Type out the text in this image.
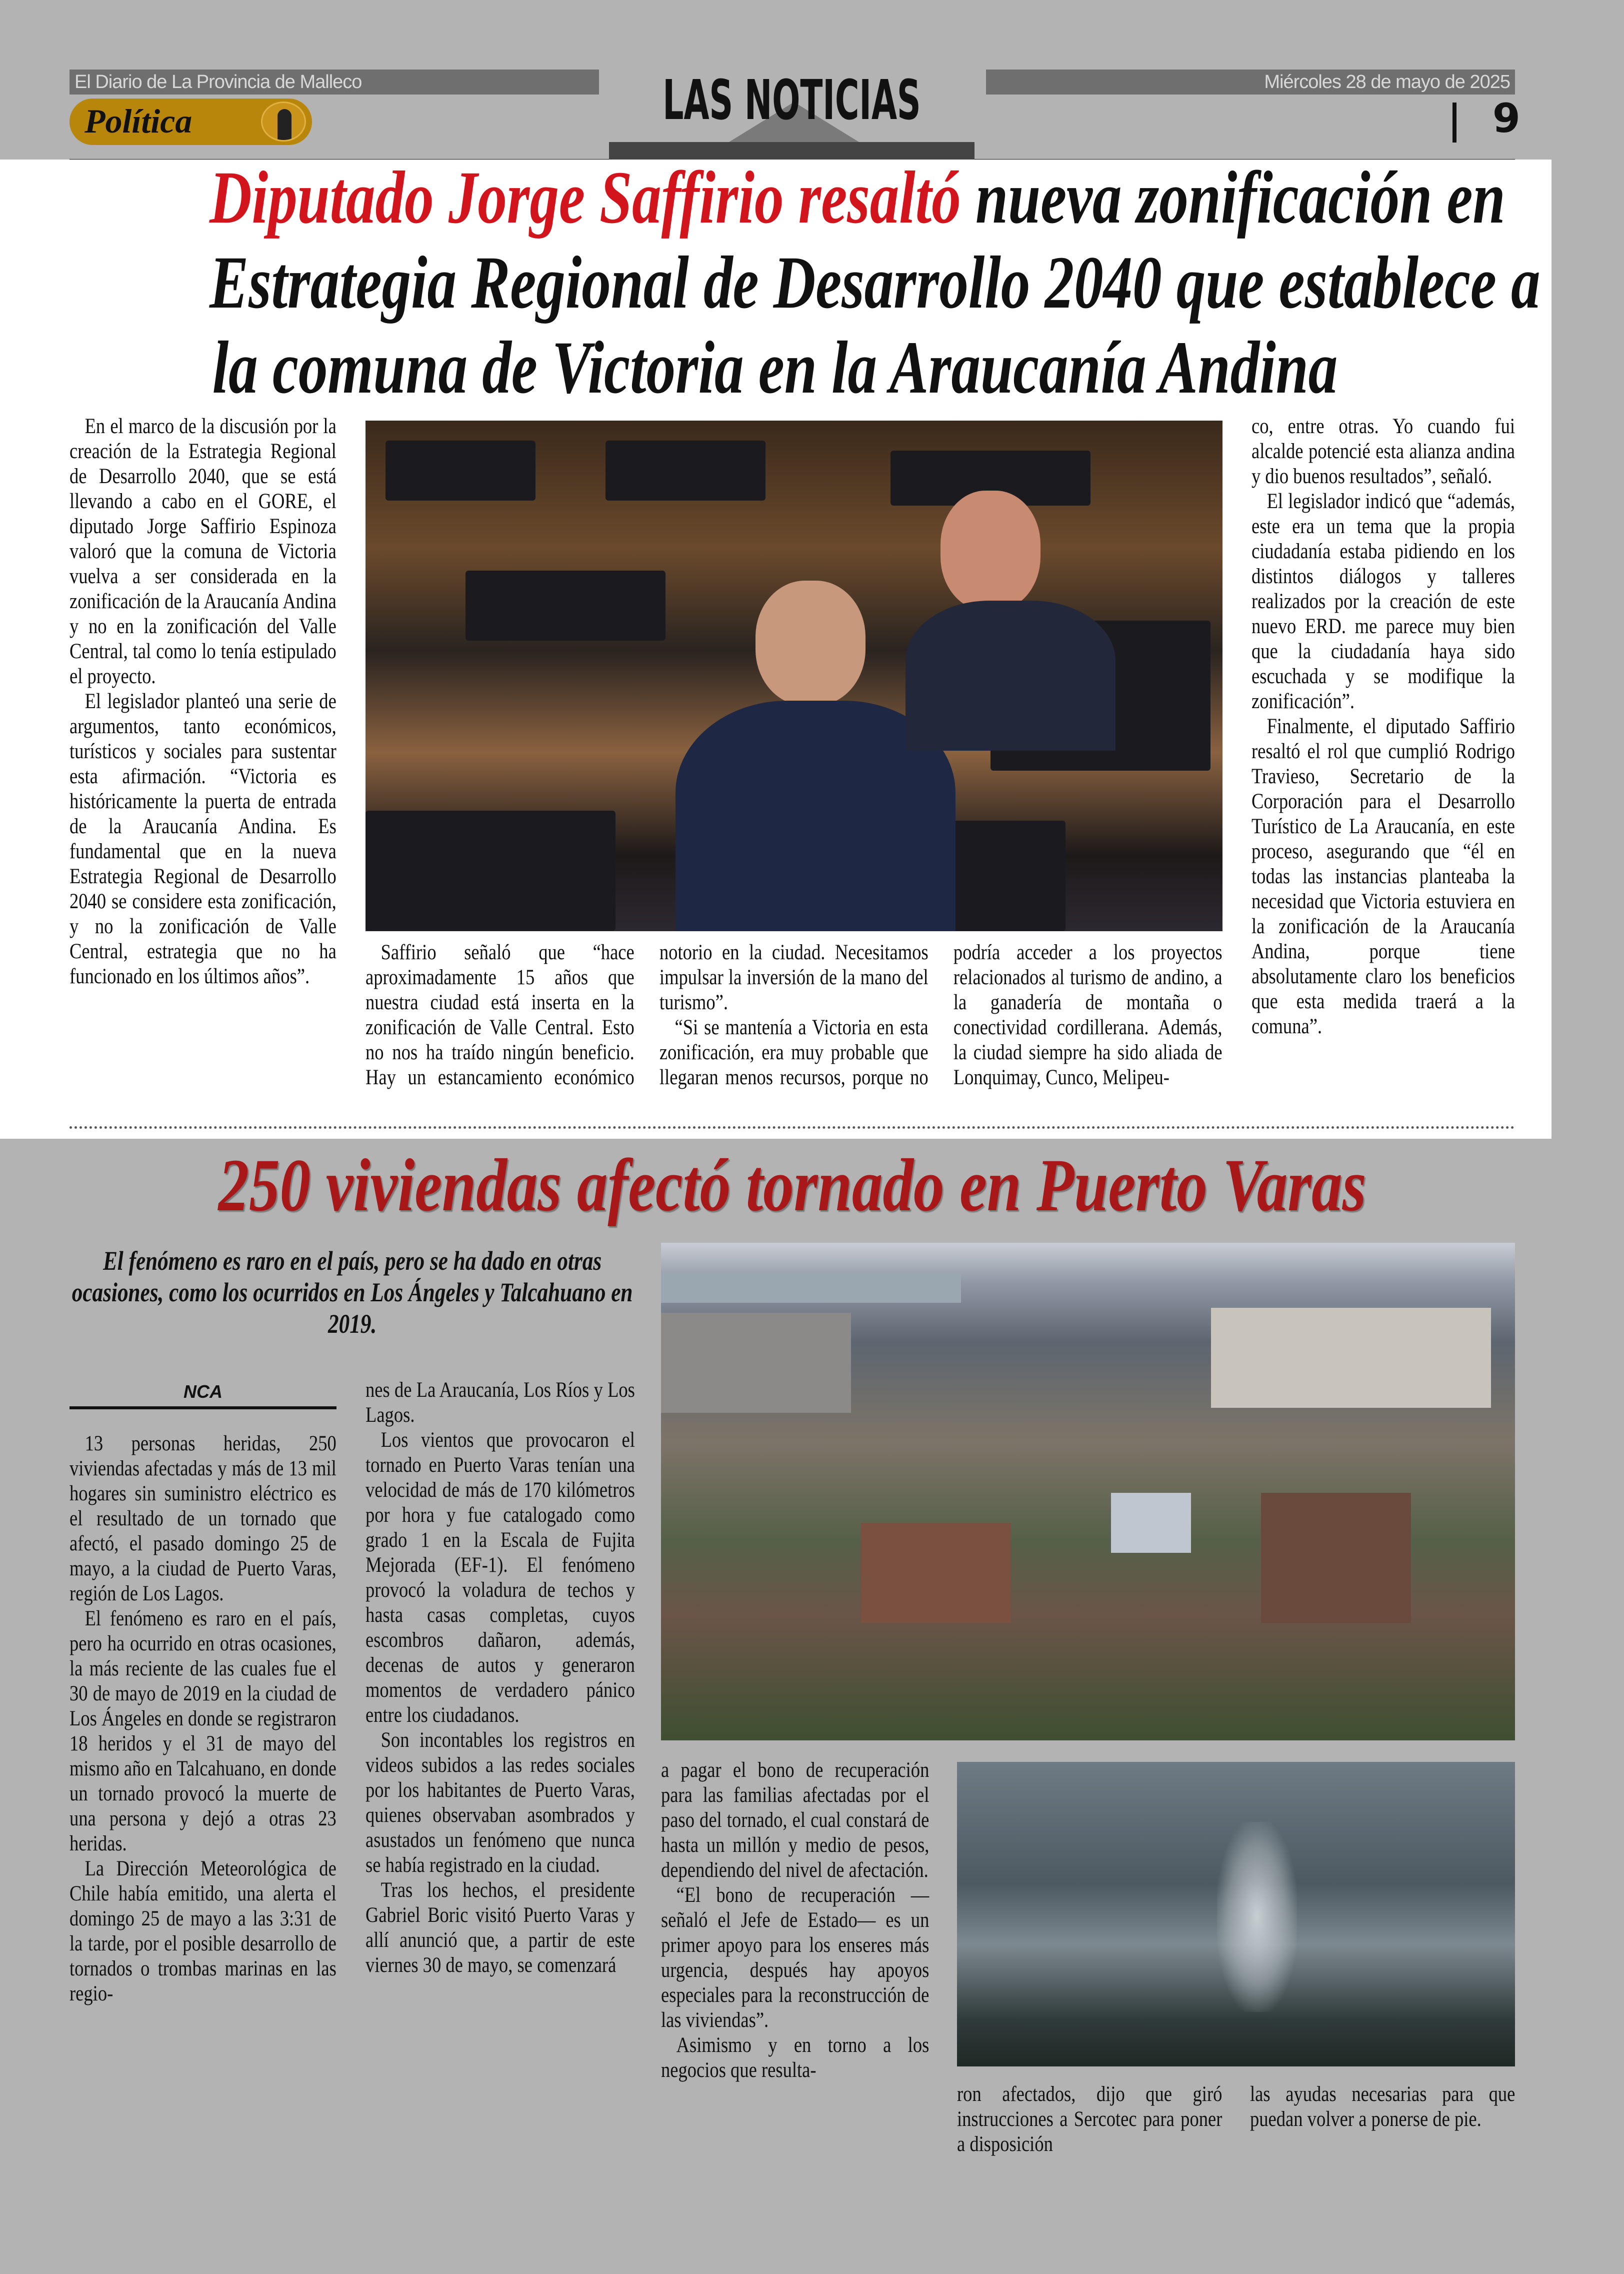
El Diario de La Provincia de Malleco	Miércoles 28 de mayo de 2025
Política	LAS NOTICIAS	9
Diputado Jorge Saffirio resaltó nueva zonificación en
Estrategia Regional de Desarrollo 2040 que establece a
la comuna de Victoria en la Araucanía Andina

En el marco de la discusión por la creación de la Estrategia Regional de Desarrollo 2040, que se está llevando a cabo en el GORE, el diputado Jorge Saffirio Espinoza valoró que la comuna de Victoria vuelva a ser considerada en la zonificación de la Araucanía Andina y no en la zonificación del Valle Central, tal como lo tenía estipulado el proyecto.

El legislador planteó una serie de argumentos, tanto económicos, turísticos y sociales para sustentar esta afirmación. “Victoria es históricamente la puerta de entrada de la Araucanía Andina. Es fundamental que en la nueva Estrategia Regional de Desarrollo 2040 se considere esta zonificación, y no la zonificación de Valle Central, estrategia que no ha funcionado en los últimos años”.

Saffirio señaló que “hace aproximadamente 15 años que nuestra ciudad está inserta en la zonificación de Valle Central. Esto no nos ha traído ningún beneficio. Hay un estancamiento económico notorio en la ciudad. Necesitamos impulsar la inversión de la mano del turismo”.

“Si se mantenía a Victoria en esta zonificación, era muy probable que llegaran menos recursos, porque no podría acceder a los proyectos relacionados al turismo de andino, a la ganadería de montaña o conectividad cordillerana. Además, la ciudad siempre ha sido aliada de Lonquimay, Cunco, Melipeu-

co, entre otras. Yo cuando fui alcalde potencié esta alianza andina y dio buenos resultados”, señaló.

El legislador indicó que “además, este era un tema que la propia ciudadanía estaba pidiendo en los distintos diálogos y talleres realizados por la creación de este nuevo ERD. me parece muy bien que la ciudadanía haya sido escuchada y se modifique la zonificación”.

Finalmente, el diputado Saffirio resaltó el rol que cumplió Rodrigo Travieso, Secretario de la Corporación para el Desarrollo Turístico de La Araucanía, en este proceso, asegurando que “él en todas las instancias planteaba la necesidad que Victoria estuviera en la zonificación de la Araucanía Andina, porque tiene absolutamente claro los beneficios que esta medida traerá a la comuna”.

250 viviendas afectó tornado en Puerto Varas
El fenómeno es raro en el país, pero se ha dado en otras ocasiones, como los ocurridos en Los Ángeles y Talcahuano en 2019.
NCA

13 personas heridas, 250 viviendas afectadas y más de 13 mil hogares sin suministro eléctrico es el resultado de un tornado que afectó, el pasado domingo 25 de mayo, a la ciudad de Puerto Varas, región de Los Lagos.

El fenómeno es raro en el país, pero ha ocurrido en otras ocasiones, la más reciente de las cuales fue el 30 de mayo de 2019 en la ciudad de Los Ángeles en donde se registraron 18 heridos y el 31 de mayo del mismo año en Talcahuano, en donde un tornado provocó la muerte de una persona y dejó a otras 23 heridas.

La Dirección Meteorológica de Chile había emitido, una alerta el domingo 25 de mayo a las 3:31 de la tarde, por el posible desarrollo de tornados o trombas marinas en las regio-

nes de La Araucanía, Los Ríos y Los Lagos.

Los vientos que provocaron el tornado en Puerto Varas tenían una velocidad de más de 170 kilómetros por hora y fue catalogado como grado 1 en la Escala de Fujita Mejorada (EF-1). El fenómeno provocó la voladura de techos y hasta casas completas, cuyos escombros dañaron, además, decenas de autos y generaron momentos de verdadero pánico entre los ciudadanos.

Son incontables los registros en videos subidos a las redes sociales por los habitantes de Puerto Varas, quienes observaban asombrados y asustados un fenómeno que nunca se había registrado en la ciudad.

Tras los hechos, el presidente Gabriel Boric visitó Puerto Varas y allí anunció que, a partir de este viernes 30 de mayo, se comenzará

a pagar el bono de recuperación para las familias afectadas por el paso del tornado, el cual constará de hasta un millón y medio de pesos, dependiendo del nivel de afectación.

“El bono de recuperación —señaló el Jefe de Estado— es un primer apoyo para los enseres más urgencia, después hay apoyos especiales para la reconstrucción de las viviendas”.

Asimismo y en torno a los negocios que resulta-

ron afectados, dijo que giró instrucciones a Sercotec para poner a disposición

las ayudas necesarias para que puedan volver a ponerse de pie.
